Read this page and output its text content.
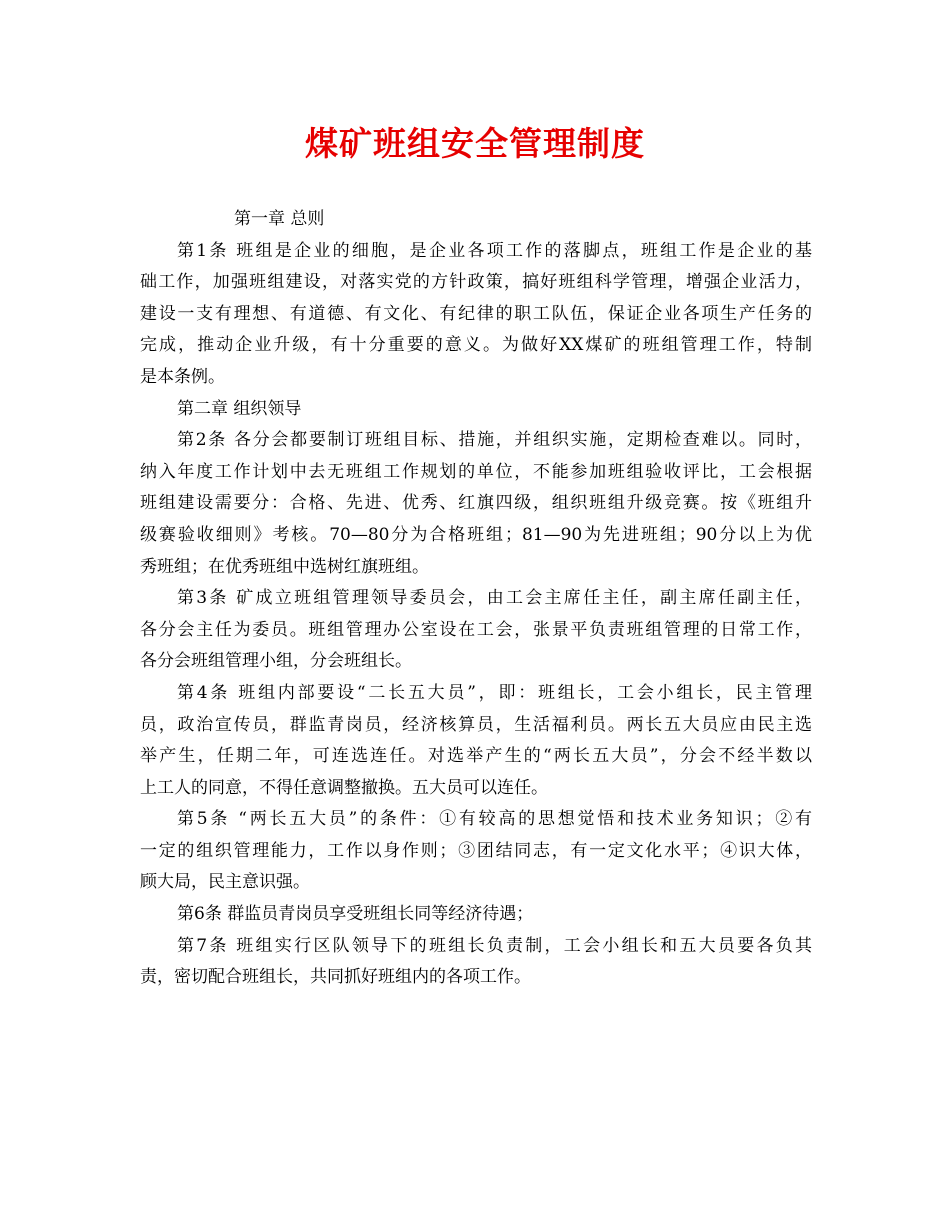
煤矿班组安全管理制度
第一章 总则
第1条 班组是企业的细胞，是企业各项工作的落脚点，班组工作是企业的基
础工作，加强班组建设，对落实党的方针政策，搞好班组科学管理，增强企业活力，
建设一支有理想、有道德、有文化、有纪律的职工队伍，保证企业各项生产任务的
完成，推动企业升级，有十分重要的意义。为做好XX煤矿的班组管理工作，特制
是本条例。
第二章 组织领导
第2条 各分会都要制订班组目标、措施，并组织实施，定期检查难以。同时，
纳入年度工作计划中去无班组工作规划的单位，不能参加班组验收评比，工会根据
班组建设需要分：合格、先进、优秀、红旗四级，组织班组升级竞赛。按《班组升
级赛验收细则》考核。70—80分为合格班组；81—90为先进班组；90分以上为优
秀班组；在优秀班组中选树红旗班组。
第3条 矿成立班组管理领导委员会，由工会主席任主任，副主席任副主任，
各分会主任为委员。班组管理办公室设在工会，张景平负责班组管理的日常工作，
各分会班组管理小组，分会班组长。
第4条 班组内部要设“二长五大员”，即：班组长，工会小组长，民主管理
员，政治宣传员，群监青岗员，经济核算员，生活福利员。两长五大员应由民主选
举产生，任期二年，可连选连任。对选举产生的“两长五大员”，分会不经半数以
上工人的同意，不得任意调整撤换。五大员可以连任。
第5条 “两长五大员”的条件：①有较高的思想觉悟和技术业务知识；②有
一定的组织管理能力，工作以身作则；③团结同志，有一定文化水平；④识大体，
顾大局，民主意识强。
第6条 群监员青岗员享受班组长同等经济待遇；
第7条 班组实行区队领导下的班组长负责制，工会小组长和五大员要各负其
责，密切配合班组长，共同抓好班组内的各项工作。
